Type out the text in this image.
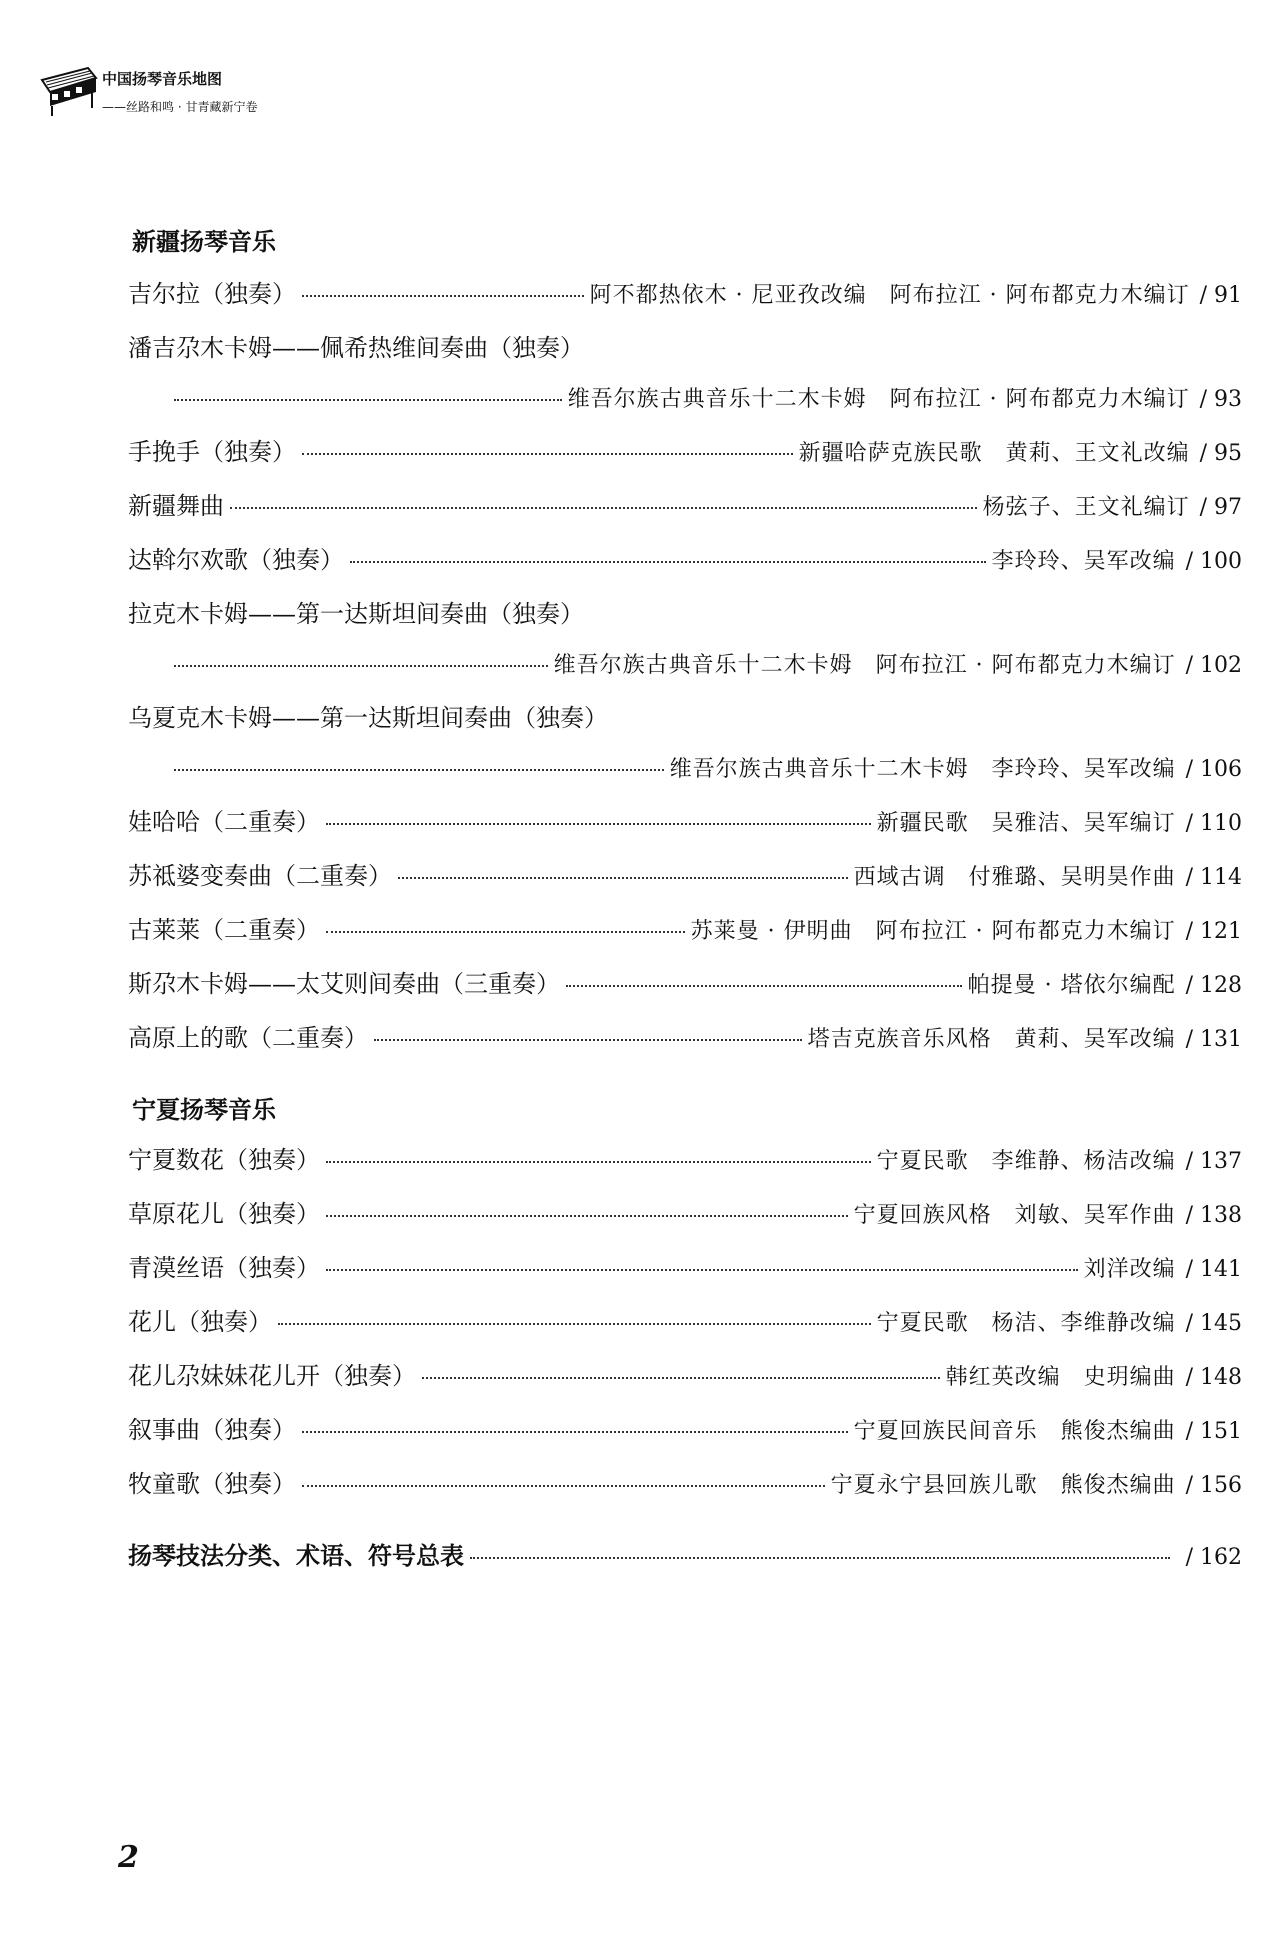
中国扬琴音乐地图
——丝路和鸣 · 甘青藏新宁卷
新疆扬琴音乐
吉尔拉（独奏）	阿不都热依木 · 尼亚孜改编　阿布拉江 · 阿布都克力木编订	/ 91
潘吉尕木卡姆——佩希热维间奏曲（独奏）
维吾尔族古典音乐十二木卡姆　阿布拉江 · 阿布都克力木编订	/ 93
手挽手（独奏）	新疆哈萨克族民歌　黄莉、王文礼改编	/ 95
新疆舞曲	杨弦子、王文礼编订	/ 97
达斡尔欢歌（独奏）	李玲玲、吴军改编	/ 100
拉克木卡姆——第一达斯坦间奏曲（独奏）
维吾尔族古典音乐十二木卡姆　阿布拉江 · 阿布都克力木编订	/ 102
乌夏克木卡姆——第一达斯坦间奏曲（独奏）
维吾尔族古典音乐十二木卡姆　李玲玲、吴军改编	/ 106
娃哈哈（二重奏）	新疆民歌　吴雅洁、吴军编订	/ 110
苏祗婆变奏曲（二重奏）	西域古调　付雅璐、吴明昊作曲	/ 114
古莱莱（二重奏）	苏莱曼 · 伊明曲　阿布拉江 · 阿布都克力木编订	/ 121
斯尕木卡姆——太艾则间奏曲（三重奏）	帕提曼 · 塔依尔编配	/ 128
高原上的歌（二重奏）	塔吉克族音乐风格　黄莉、吴军改编	/ 131
宁夏扬琴音乐
宁夏数花（独奏）	宁夏民歌　李维静、杨洁改编	/ 137
草原花儿（独奏）	宁夏回族风格　刘敏、吴军作曲	/ 138
青漠丝语（独奏）	刘洋改编	/ 141
花儿（独奏）	宁夏民歌　杨洁、李维静改编	/ 145
花儿尕妹妹花儿开（独奏）	韩红英改编　史玥编曲	/ 148
叙事曲（独奏）	宁夏回族民间音乐　熊俊杰编曲	/ 151
牧童歌（独奏）	宁夏永宁县回族儿歌　熊俊杰编曲	/ 156
扬琴技法分类、术语、符号总表	/ 162
2
